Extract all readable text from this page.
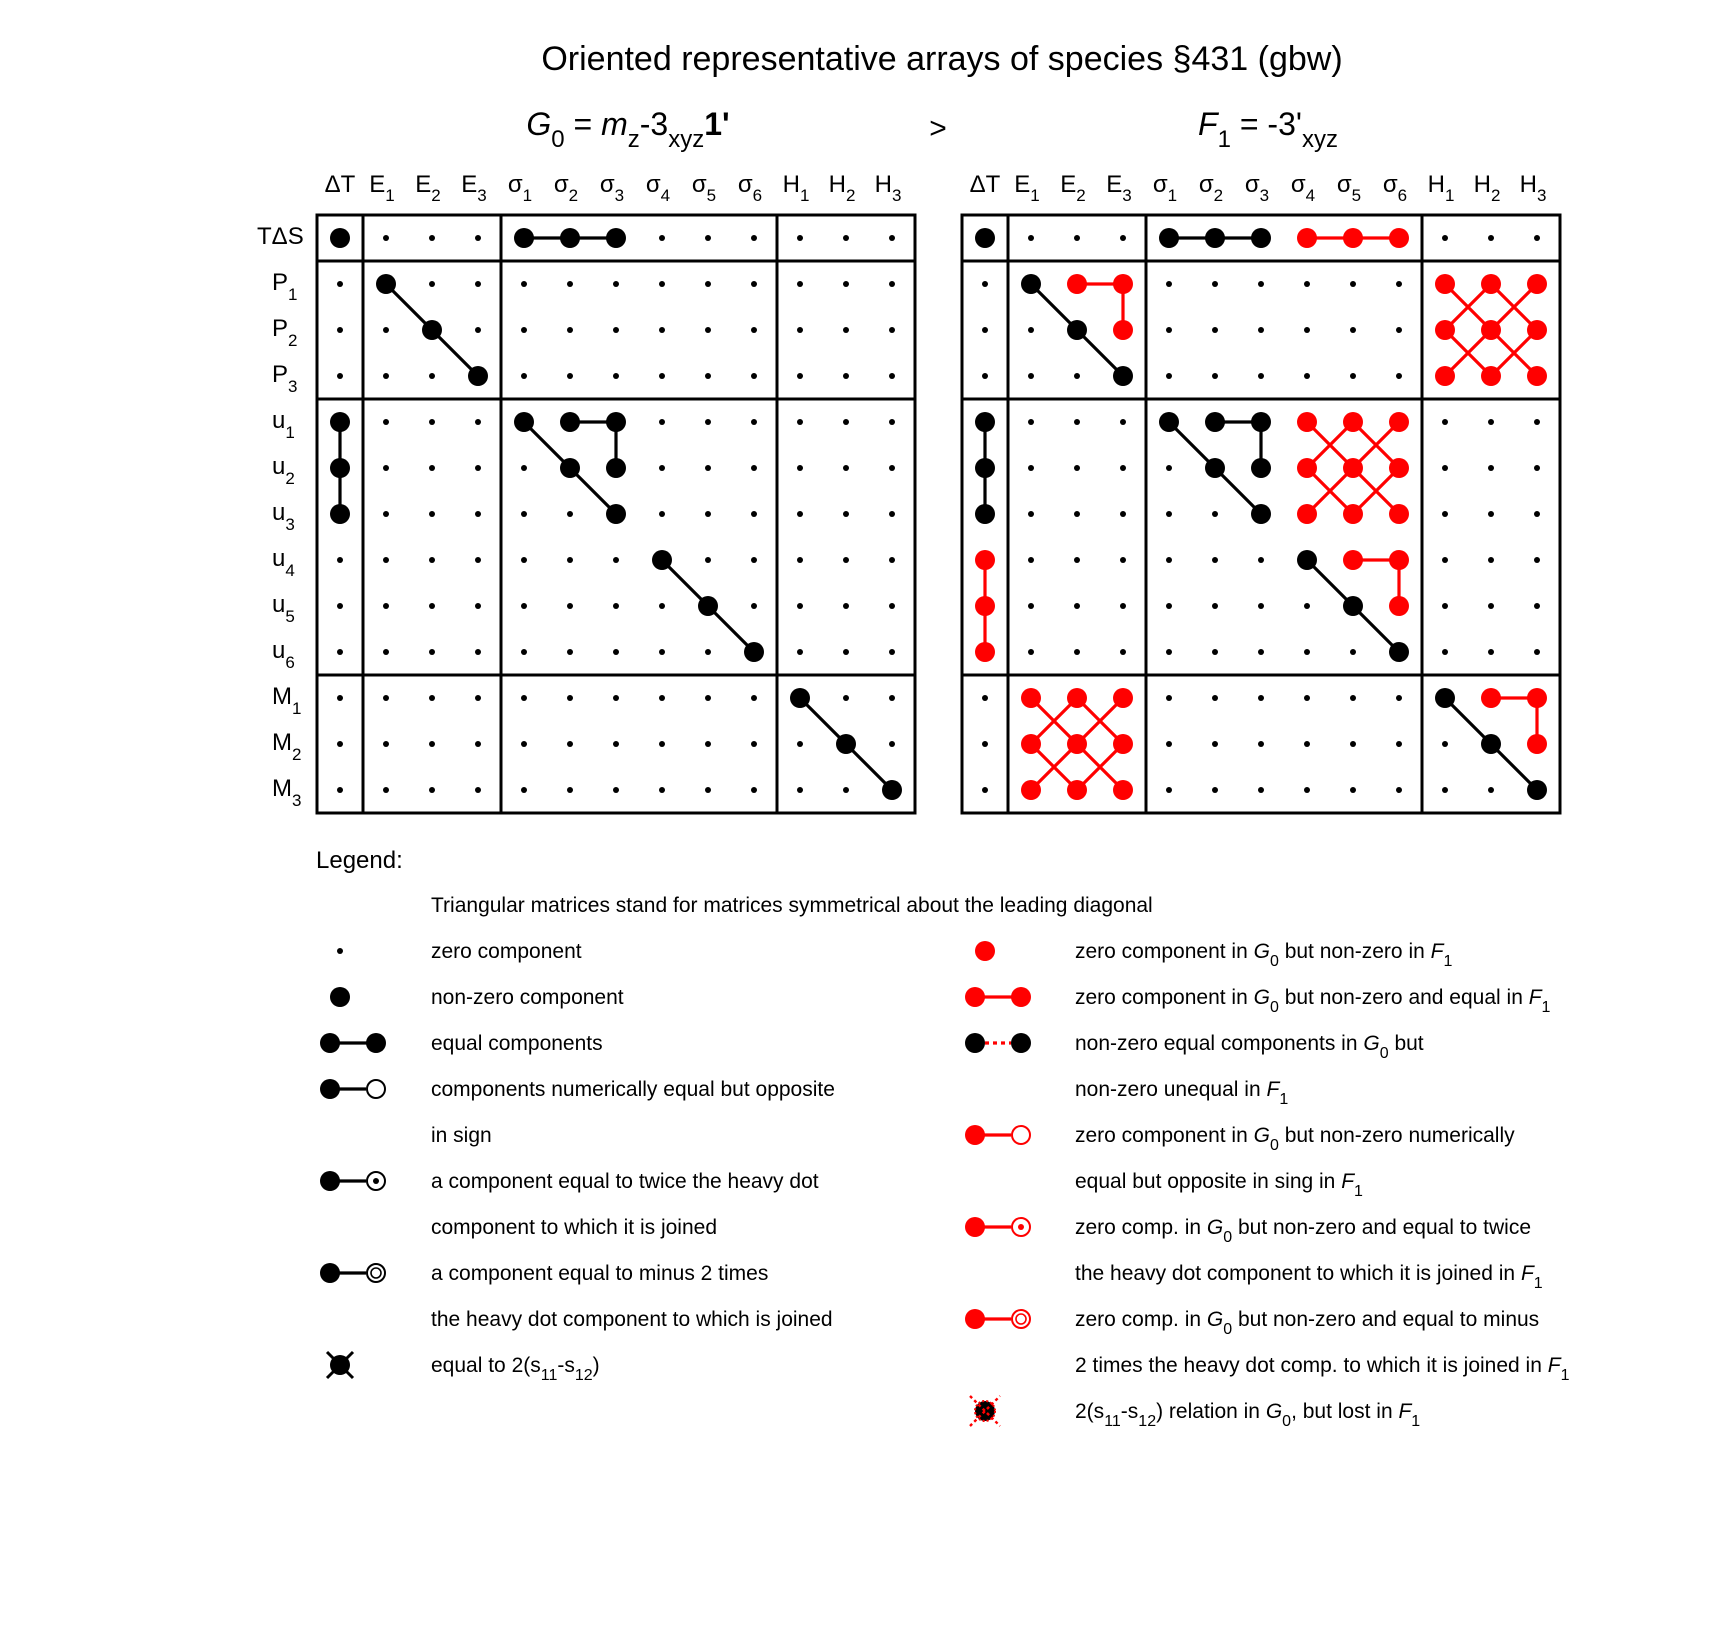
Oriented representative arrays of species §431 (gbw)
>
$G_0 = m_z-3_{xyz}1'$
ΔT $E_1$ $E_2$ $E_3$ $\sigma_1$ $\sigma_2$ $\sigma_3$ $\sigma_4$ $\sigma_5$ $\sigma_6$ $H_1$ $H_2$ $H_3$
TΔS
$P_1$
$P_2$
$P_3$
$u_1$
$u_2$
$u_3$
$u_4$
$u_5$
$u_6$
$M_1$
$M_2$
$M_3$
$F_1 = -3'_{xyz}$
ΔT $E_1$ $E_2$ $E_3$ $\sigma_1$ $\sigma_2$ $\sigma_3$ $\sigma_4$ $\sigma_5$ $\sigma_6$ $H_1$ $H_2$ $H_3$
Legend:
Triangular matrices stand for matrices symmetrical about the leading diagonal
zero component
non-zero component
equal components
components numerically equal but opposite
in sign
a component equal to twice the heavy dot
component to which it is joined
a component equal to minus 2 times
the heavy dot component to which is joined
equal to $2(s_{11}-s_{12})$
zero component in $G_0$ but non-zero in $F_1$
zero component in $G_0$ but non-zero and equal in $F_1$
non-zero equal components in $G_0$ but
non-zero unequal in $F_1$
zero component in $G_0$ but non-zero numerically
equal but opposite in sing in $F_1$
zero comp. in $G_0$ but non-zero and equal to twice
the heavy dot component to which it is joined in $F_1$
zero comp. in $G_0$ but non-zero and equal to minus
2 times the heavy dot comp. to which it is joined in $F_1$
$2(s_{11}-s_{12})$ relation in $G_0$, but lost in $F_1$
